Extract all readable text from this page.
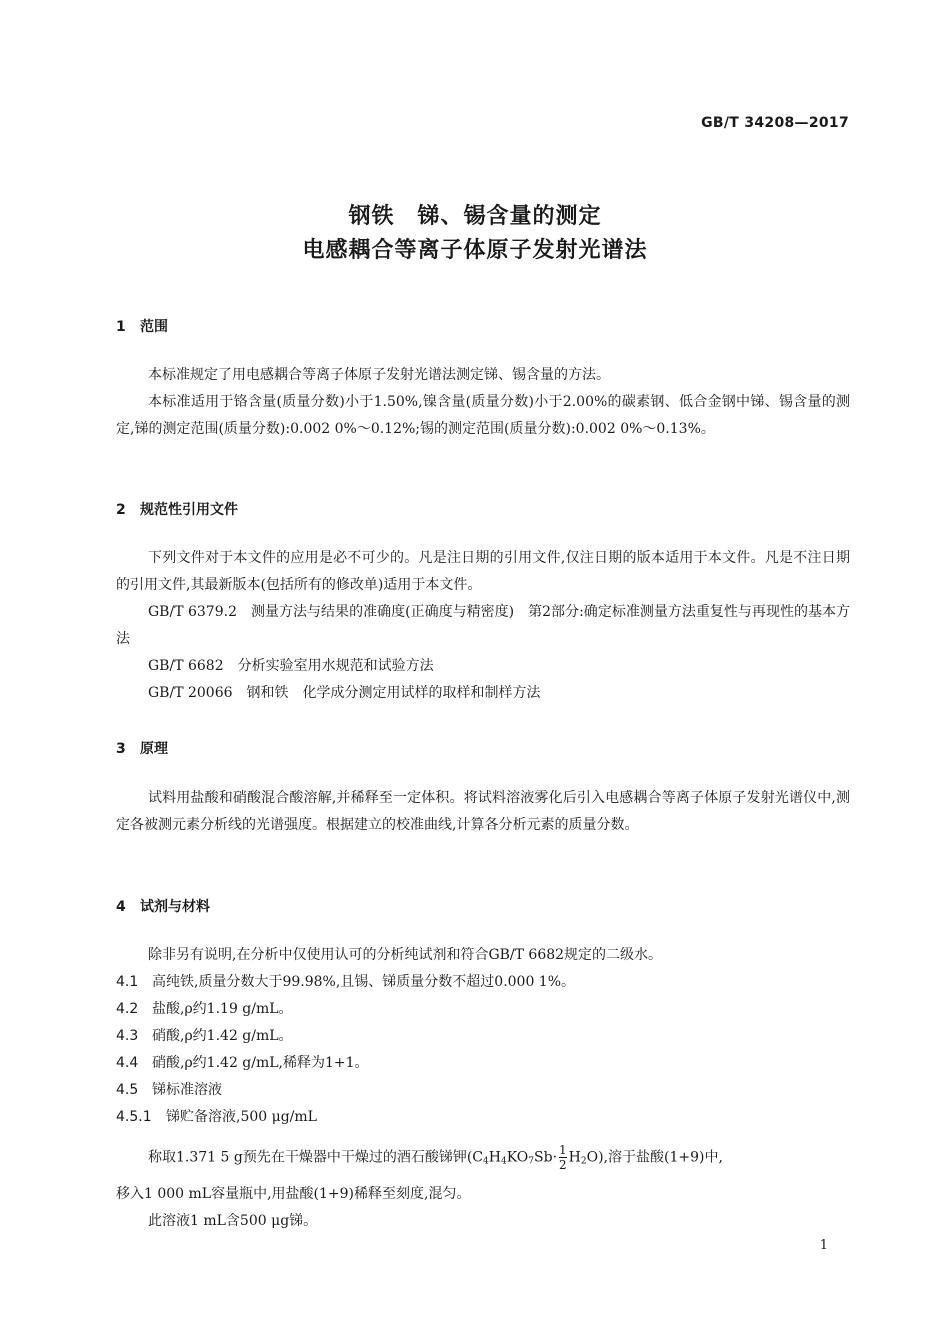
GB/T 34208—2017
钢铁　锑、锡含量的测定
电感耦合等离子体原子发射光谱法
1 范围

本标准规定了用电感耦合等离子体原子发射光谱法测定锑、锡含量的方法。

本标准适用于铬含量(质量分数)小于1.50%,镍含量(质量分数)小于2.00%的碳素钢、低合金钢中锑、锡含量的测定,锑的测定范围(质量分数):0.002 0%～0.12%;锡的测定范围(质量分数):0.002 0%～0.13%。

2 规范性引用文件

下列文件对于本文件的应用是必不可少的。凡是注日期的引用文件,仅注日期的版本适用于本文件。凡是不注日期的引用文件,其最新版本(包括所有的修改单)适用于本文件。

GB/T 6379.2　测量方法与结果的准确度(正确度与精密度)　第2部分:确定标准测量方法重复性与再现性的基本方法

GB/T 6682　分析实验室用水规范和试验方法

GB/T 20066　钢和铁　化学成分测定用试样的取样和制样方法

3 原理

试料用盐酸和硝酸混合酸溶解,并稀释至一定体积。将试料溶液雾化后引入电感耦合等离子体原子发射光谱仪中,测定各被测元素分析线的光谱强度。根据建立的校准曲线,计算各分析元素的质量分数。

4 试剂与材料

除非另有说明,在分析中仅使用认可的分析纯试剂和符合GB/T 6682规定的二级水。

4.1 高纯铁,质量分数大于99.98%,且锡、锑质量分数不超过0.000 1%。
4.2 盐酸,ρ约1.19 g/mL。
4.3 硝酸,ρ约1.42 g/mL。
4.4 硝酸,ρ约1.42 g/mL,稀释为1+1。
4.5 锑标准溶液
4.5.1 锑贮备溶液,500 μg/mL
称取1.371 5 g预先在干燥器中干燥过的酒石酸锑钾$(C_4H_4KO_7Sb\cdot \frac{1}{2} H_2O)$,溶于盐酸(1+9)中,
移入1 000 mL容量瓶中,用盐酸(1+9)稀释至刻度,混匀。
此溶液1 mL含500 μg锑。
1
